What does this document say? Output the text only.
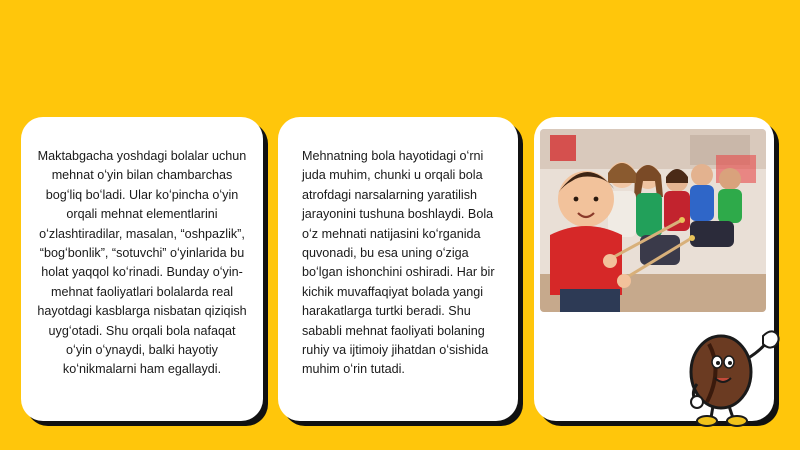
Maktabgacha yoshdagi bolalar uchun mehnat oʻyin bilan chambarchas bogʻliq boʻladi. Ular koʻpincha oʻyin orqali mehnat elementlarini oʻzlashtiradilar, masalan, “oshpazlik”, “bogʻbonlik”, “sotuvchi” oʻyinlarida bu holat yaqqol koʻrinadi. Bunday oʻyin-mehnat faoliyatlari bolalarda real hayotdagi kasblarga nisbatan qiziqish uygʻotadi. Shu orqali bola nafaqat oʻyin oʻynaydi, balki hayotiy koʻnikmalarni ham egallaydi.

Mehnatning bola hayotidagi oʻrni juda muhim, chunki u orqali bola atrofdagi narsalarning yaratilish jarayonini tushuna boshlaydi. Bola oʻz mehnati natijasini koʻrganida quvonadi, bu esa uning oʻziga boʻlgan ishonchini oshiradi. Har bir kichik muvaffaqiyat bolada yangi harakatlarga turtki beradi. Shu sababli mehnat faoliyati bolaning ruhiy va ijtimoiy jihatdan oʻsishida muhim oʻrin tutadi.
